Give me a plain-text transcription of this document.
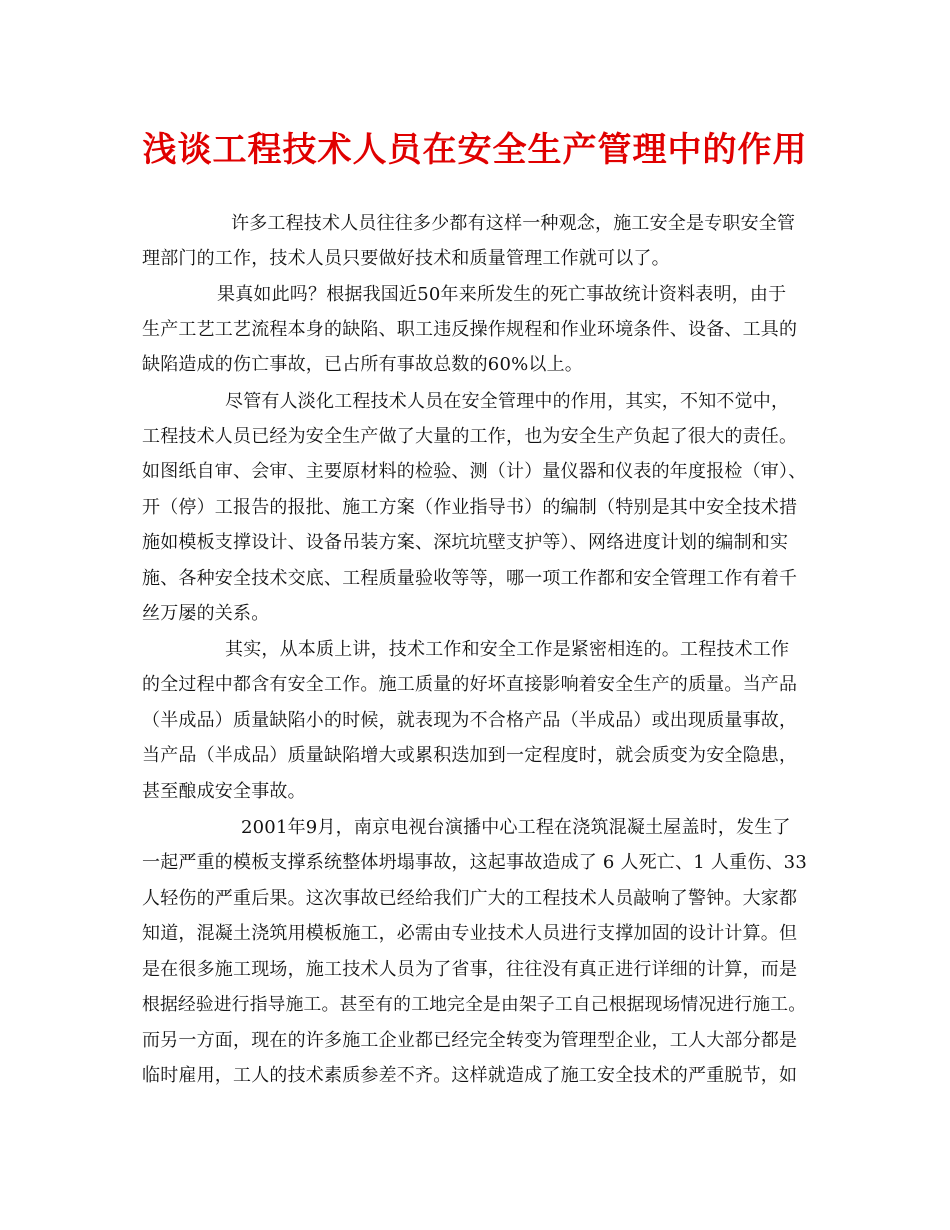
浅谈工程技术人员在安全生产管理中的作用
许多工程技术人员往往多少都有这样一种观念，施工安全是专职安全管
理部门的工作，技术人员只要做好技术和质量管理工作就可以了。
果真如此吗？根据我国近50年来所发生的死亡事故统计资料表明，由于
生产工艺工艺流程本身的缺陷、职工违反操作规程和作业环境条件、设备、工具的
缺陷造成的伤亡事故，已占所有事故总数的60%以上。
尽管有人淡化工程技术人员在安全管理中的作用，其实，不知不觉中，
工程技术人员已经为安全生产做了大量的工作，也为安全生产负起了很大的责任。
如图纸自审、会审、主要原材料的检验、测（计）量仪器和仪表的年度报检（审）、
开（停）工报告的报批、施工方案（作业指导书）的编制（特别是其中安全技术措
施如模板支撑设计、设备吊装方案、深坑坑壁支护等）、网络进度计划的编制和实
施、各种安全技术交底、工程质量验收等等，哪一项工作都和安全管理工作有着千
丝万屡的关系。
其实，从本质上讲，技术工作和安全工作是紧密相连的。工程技术工作
的全过程中都含有安全工作。施工质量的好坏直接影响着安全生产的质量。当产品
（半成品）质量缺陷小的时候，就表现为不合格产品（半成品）或出现质量事故，
当产品（半成品）质量缺陷增大或累积迭加到一定程度时，就会质变为安全隐患，
甚至酿成安全事故。
2001年9月，南京电视台演播中心工程在浇筑混凝土屋盖时，发生了
一起严重的模板支撑系统整体坍塌事故，这起事故造成了 6 人死亡、1 人重伤、33
人轻伤的严重后果。这次事故已经给我们广大的工程技术人员敲响了警钟。大家都
知道，混凝土浇筑用模板施工，必需由专业技术人员进行支撑加固的设计计算。但
是在很多施工现场，施工技术人员为了省事，往往没有真正进行详细的计算，而是
根据经验进行指导施工。甚至有的工地完全是由架子工自己根据现场情况进行施工。
而另一方面，现在的许多施工企业都已经完全转变为管理型企业，工人大部分都是
临时雇用，工人的技术素质参差不齐。这样就造成了施工安全技术的严重脱节，如
